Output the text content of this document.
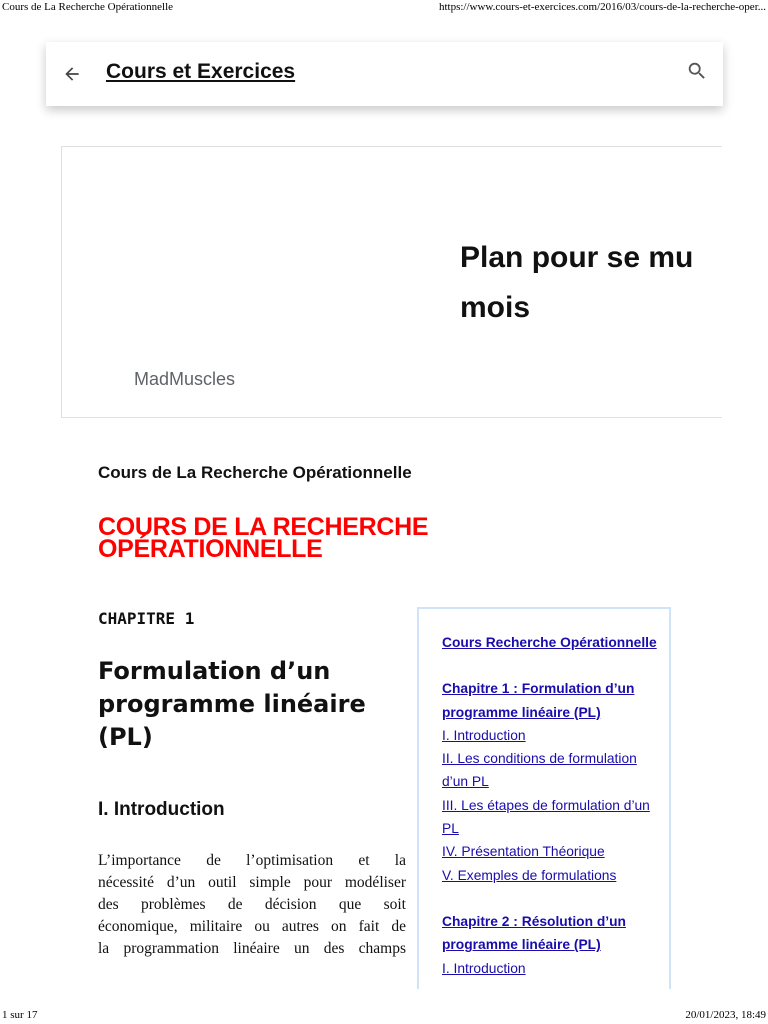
Cours de La Recherche Opérationnelle	https://www.cours-et-exercices.com/2016/03/cours-de-la-recherche-oper...
Cours et Exercices
Plan pour se mu
mois
MadMuscles
Cours de La Recherche Opérationnelle
COURS DE LA RECHERCHE
OPÉRATIONNELLE
CHAPITRE 1
Formulation d’un
programme linéaire
(PL)
I. Introduction
L’importance de l’optimisation et la
nécessité d’un outil simple pour modéliser
des problèmes de décision que soit
économique, militaire ou autres on fait de
la programmation linéaire un des champs
Cours Recherche Opérationnelle
Chapitre 1 : Formulation d’un
programme linéaire (PL)
I. Introduction
II. Les conditions de formulation
d’un PL
III. Les étapes de formulation d’un
PL
IV. Présentation Théorique
V. Exemples de formulations
Chapitre 2 : Résolution d’un
programme linéaire (PL)
I. Introduction
1 sur 17	20/01/2023, 18:49
